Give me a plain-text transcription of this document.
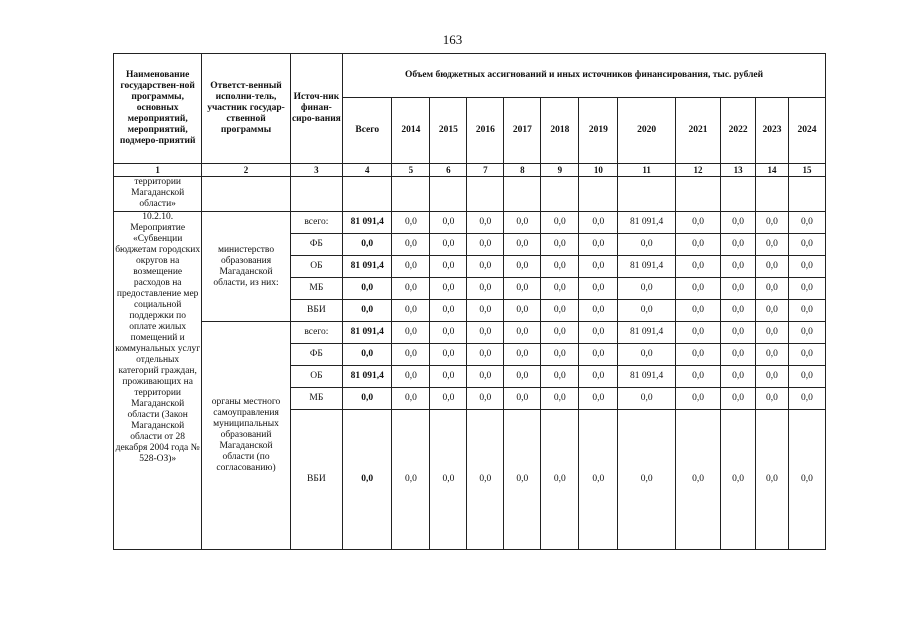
163
Наименование государствен-ной программы, основных мероприятий, мероприятий, подмеро-приятий	Ответст-венный исполни-тель, участник государ-ственной программы	Источ-ник финан-сиро-вания	Объем бюджетных ассигнований и иных источников финансирования, тыс. рублей											
			Всего	2014	2015	2016	2017	2018	2019	2020	2021	2022	2023	2024
1	2	3	4	5	6	7	8	9	10	11	12	13	14	15
территории Магаданской области»														
10.2.10. Мероприятие «Субвенции бюджетам городских округов на возмещение расходов на предоставление мер социальной поддержки по оплате жилых помещений и коммунальных услуг отдельных категорий граждан, проживающих на территории Магаданской области (Закон Магаданской области от 28 декабря 2004 года № 528-ОЗ)»	министерство образования Магаданской области, из них:	всего:	81 091,4	0,0	0,0	0,0	0,0	0,0	0,0	81 091,4	0,0	0,0	0,0	0,0
		ФБ	0,0	0,0	0,0	0,0	0,0	0,0	0,0	0,0	0,0	0,0	0,0	0,0
		ОБ	81 091,4	0,0	0,0	0,0	0,0	0,0	0,0	81 091,4	0,0	0,0	0,0	0,0
		МБ	0,0	0,0	0,0	0,0	0,0	0,0	0,0	0,0	0,0	0,0	0,0	0,0
		ВБИ	0,0	0,0	0,0	0,0	0,0	0,0	0,0	0,0	0,0	0,0	0,0	0,0
	органы местного самоуправления муниципальных образований Магаданской области (по согласованию)	всего:	81 091,4	0,0	0,0	0,0	0,0	0,0	0,0	81 091,4	0,0	0,0	0,0	0,0
		ФБ	0,0	0,0	0,0	0,0	0,0	0,0	0,0	0,0	0,0	0,0	0,0	0,0
		ОБ	81 091,4	0,0	0,0	0,0	0,0	0,0	0,0	81 091,4	0,0	0,0	0,0	0,0
		МБ	0,0	0,0	0,0	0,0	0,0	0,0	0,0	0,0	0,0	0,0	0,0	0,0
		ВБИ	0,0	0,0	0,0	0,0	0,0	0,0	0,0	0,0	0,0	0,0	0,0	0,0
